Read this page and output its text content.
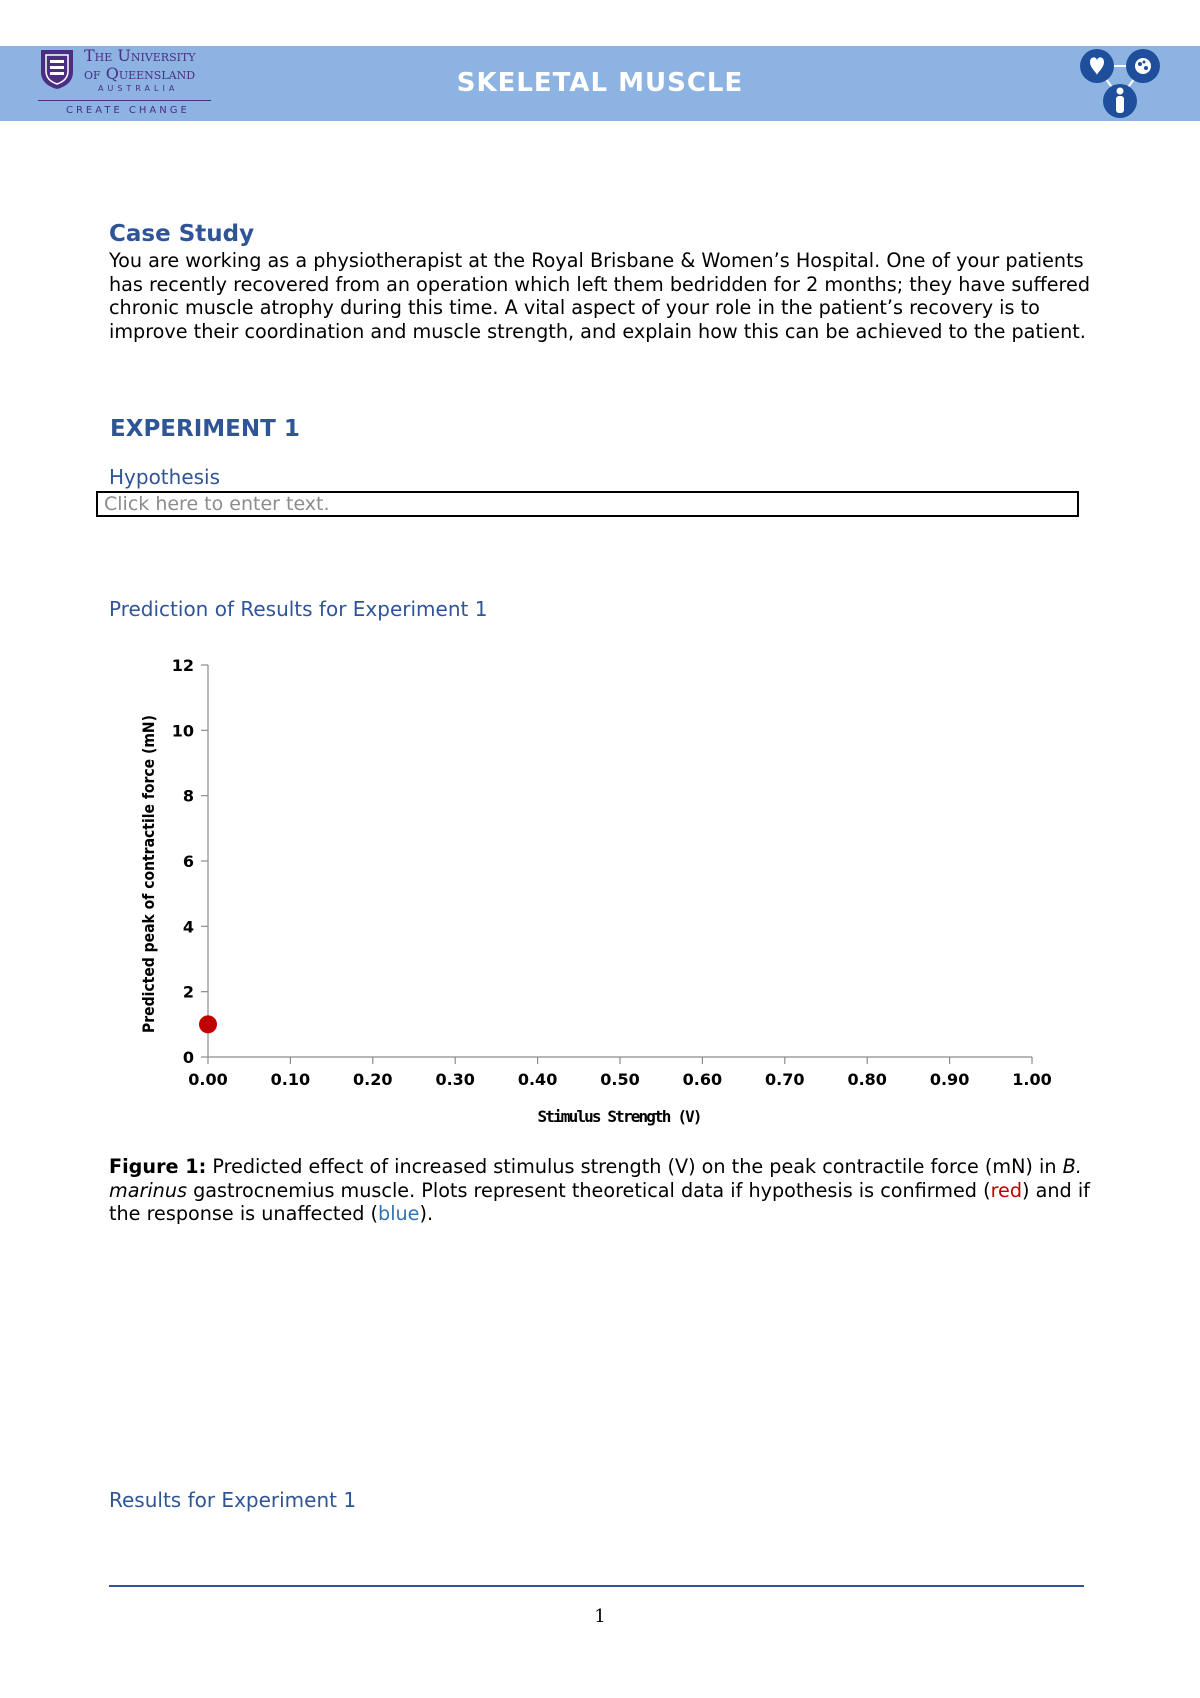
The University
of Queensland
AUSTRALIA
CREATE CHANGE
SKELETAL MUSCLE
Case Study
You are working as a physiotherapist at the Royal Brisbane & Women’s Hospital. One of your patients has recently recovered from an operation which left them bedridden for 2 months; they have suffered chronic muscle atrophy during this time. A vital aspect of your role in the patient’s recovery is to improve their coordination and muscle strength, and explain how this can be achieved to the patient.
EXPERIMENT 1
Hypothesis
Click here to enter text.
Prediction of Results for Experiment 1
0
2
4
6
8
10
12
0.00	0.10	0.20	0.30	0.40	0.50	0.60	0.70	0.80	0.90	1.00
Stimulus Strength (V)
Predicted peak of contractile force (mN)
Figure 1: Predicted effect of increased stimulus strength (V) on the peak contractile force (mN) in B. marinus gastrocnemius muscle. Plots represent theoretical data if hypothesis is confirmed (red) and if the response is unaffected (blue).
Results for Experiment 1
1
